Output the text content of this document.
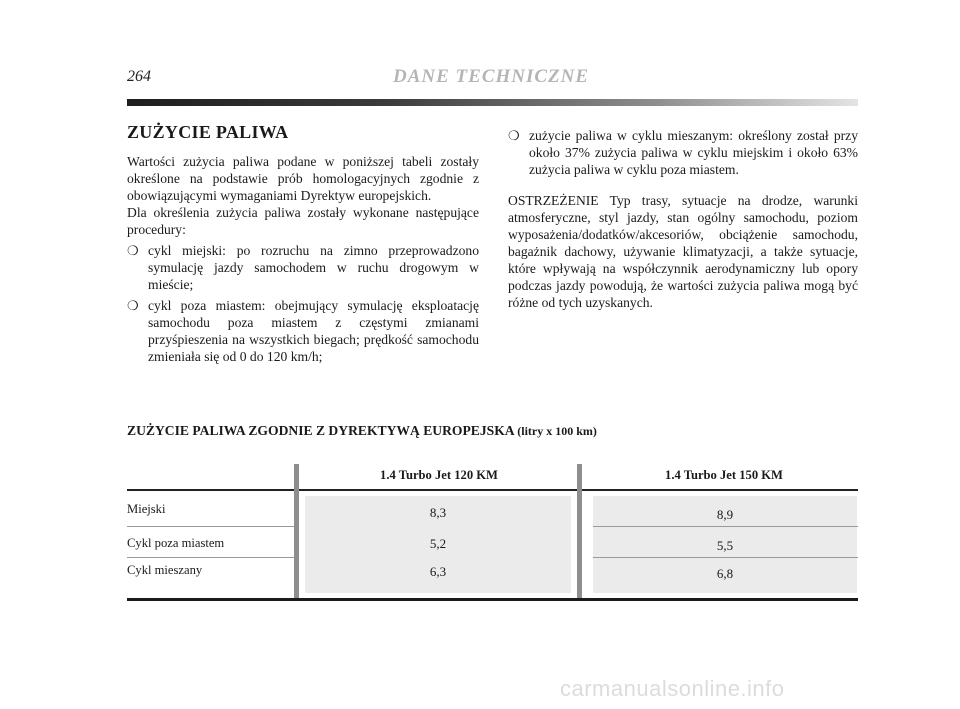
264	DANE TECHNICZNE
ZUŻYCIE PALIWA

Wartości zużycia paliwa podane w poniższej tabeli zostały określone na podstawie prób homologacyjnych zgodnie z obowiązującymi wymaganiami Dyrektyw europejskich.

Dla określenia zużycia paliwa zostały wykonane następujące procedury:

❍ cykl miejski: po rozruchu na zimno przeprowadzono symulację jazdy samochodem w ruchu drogowym w mieście;
❍ cykl poza miastem: obejmujący symulację eksploatację samochodu poza miastem z częstymi zmianami przyśpieszenia na wszystkich biegach; prędkość samochodu zmieniała się od 0 do 120 km/h;
❍ zużycie paliwa w cyklu mieszanym: określony został przy około 37% zużycia paliwa w cyklu miejskim i około 63% zużycia paliwa w cyklu poza miastem.

OSTRZEŻENIE Typ trasy, sytuacje na drodze, warunki atmosferyczne, styl jazdy, stan ogólny samochodu, poziom wyposażenia/dodatków/akcesoriów, obciążenie samochodu, bagażnik dachowy, używanie klimatyzacji, a także sytuacje, które wpływają na współczynnik aerodynamiczny lub opory podczas jazdy powodują, że wartości zużycia paliwa mogą być różne od tych uzyskanych.

ZUŻYCIE PALIWA ZGODNIE Z DYREKTYWĄ EUROPEJSKA (litry x 100 km)
1.4 Turbo Jet 120 KM	1.4 Turbo Jet 150 KM
Miejski
Cykl poza miastem
Cykl mieszany
8,3
5,2
6,3
8,9
5,5
6,8
carmanualsonline.info
